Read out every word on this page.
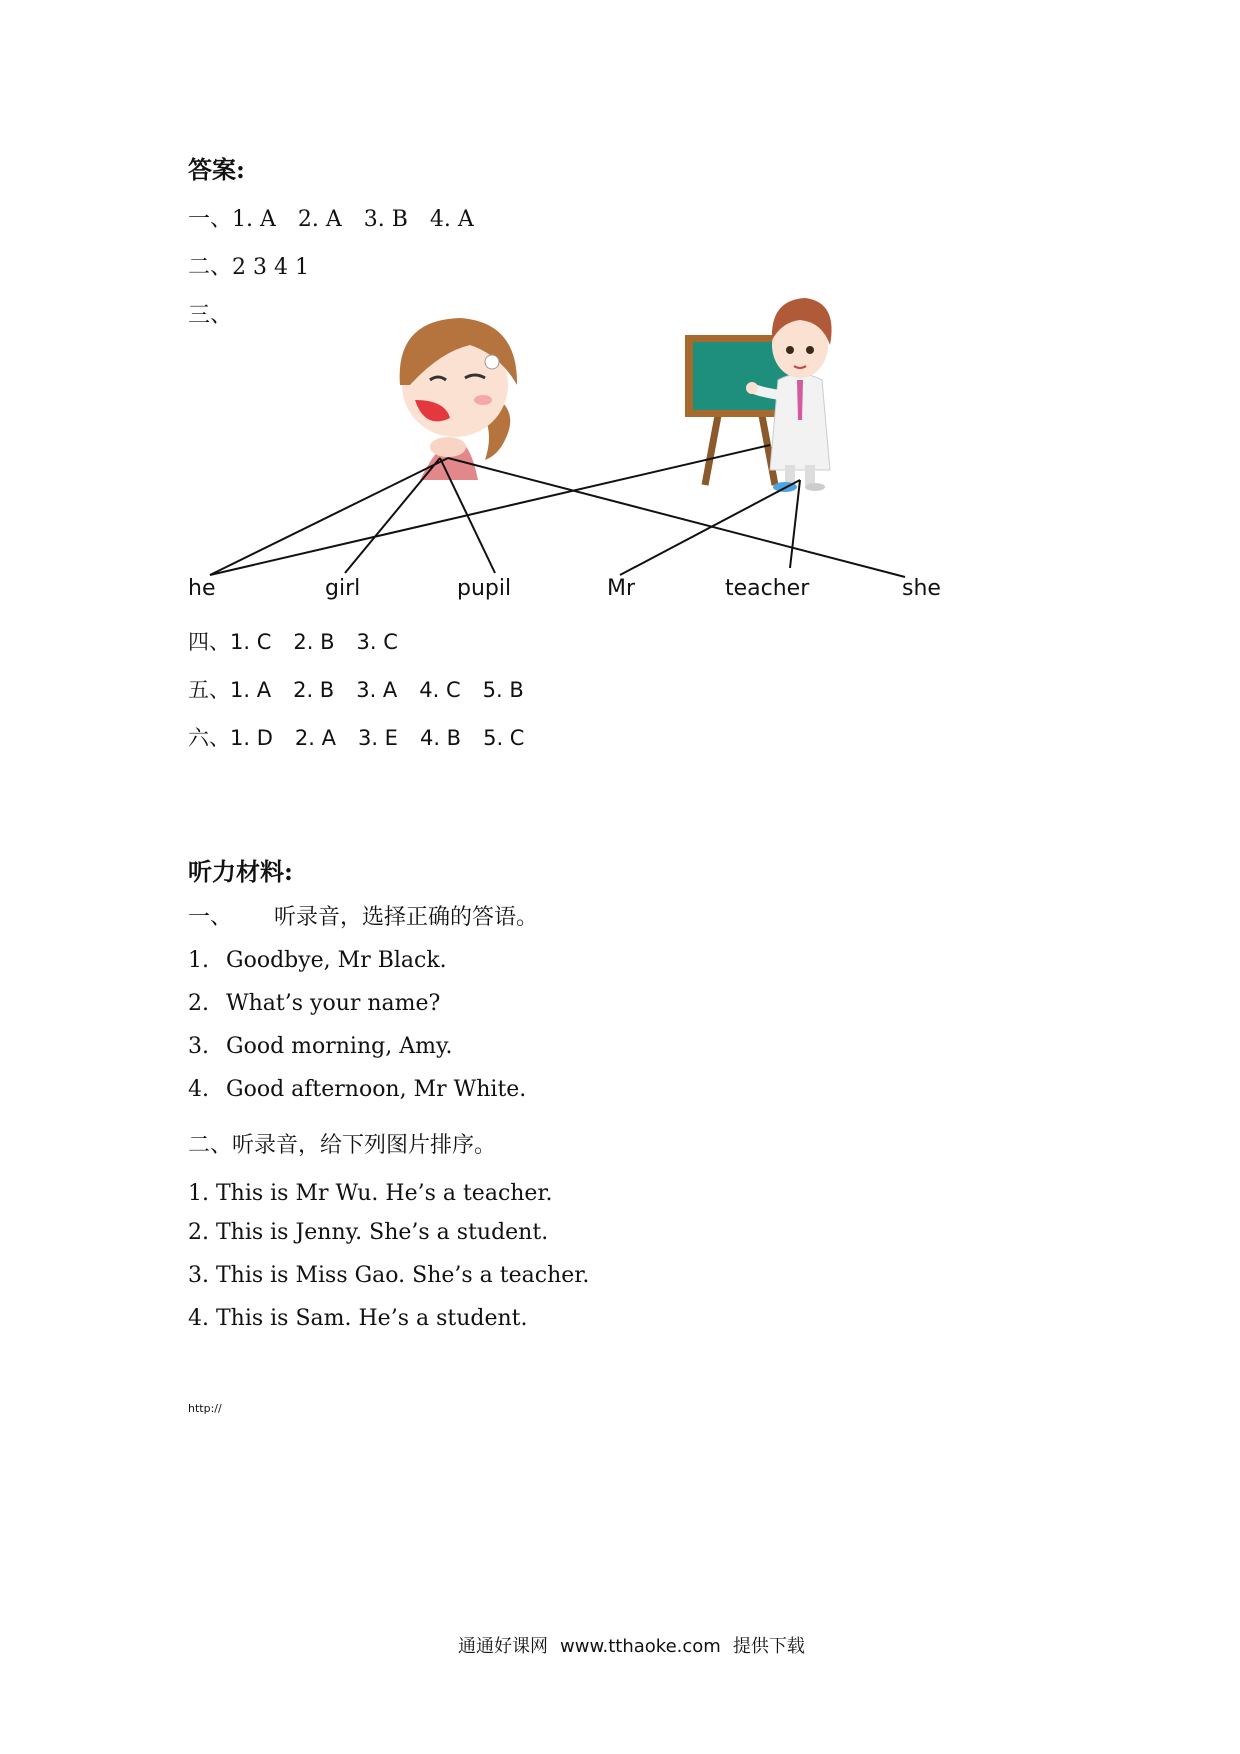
答案:
一、1. A 2. A 3. B 4. A
二、2 3 4 1
三、
he	girl	pupil	Mr	teacher	she
四、1. C 2. B 3. C
五、1. A 2. B 3. A 4. C 5. B
六、1. D 2. A 3. E 4. B 5. C
听力材料:
一、 听录音，选择正确的答语。
1. Goodbye, Mr Black.
2. What’s your name?
3. Good morning, Amy.
4. Good afternoon, Mr White.
二、听录音，给下列图片排序。
1. This is Mr Wu. He’s a teacher.
2. This is Jenny. She’s a student.
3. This is Miss Gao. She’s a teacher.
4. This is Sam. He’s a student.
http://
通通好课网 www.tthaoke.com 提供下载
